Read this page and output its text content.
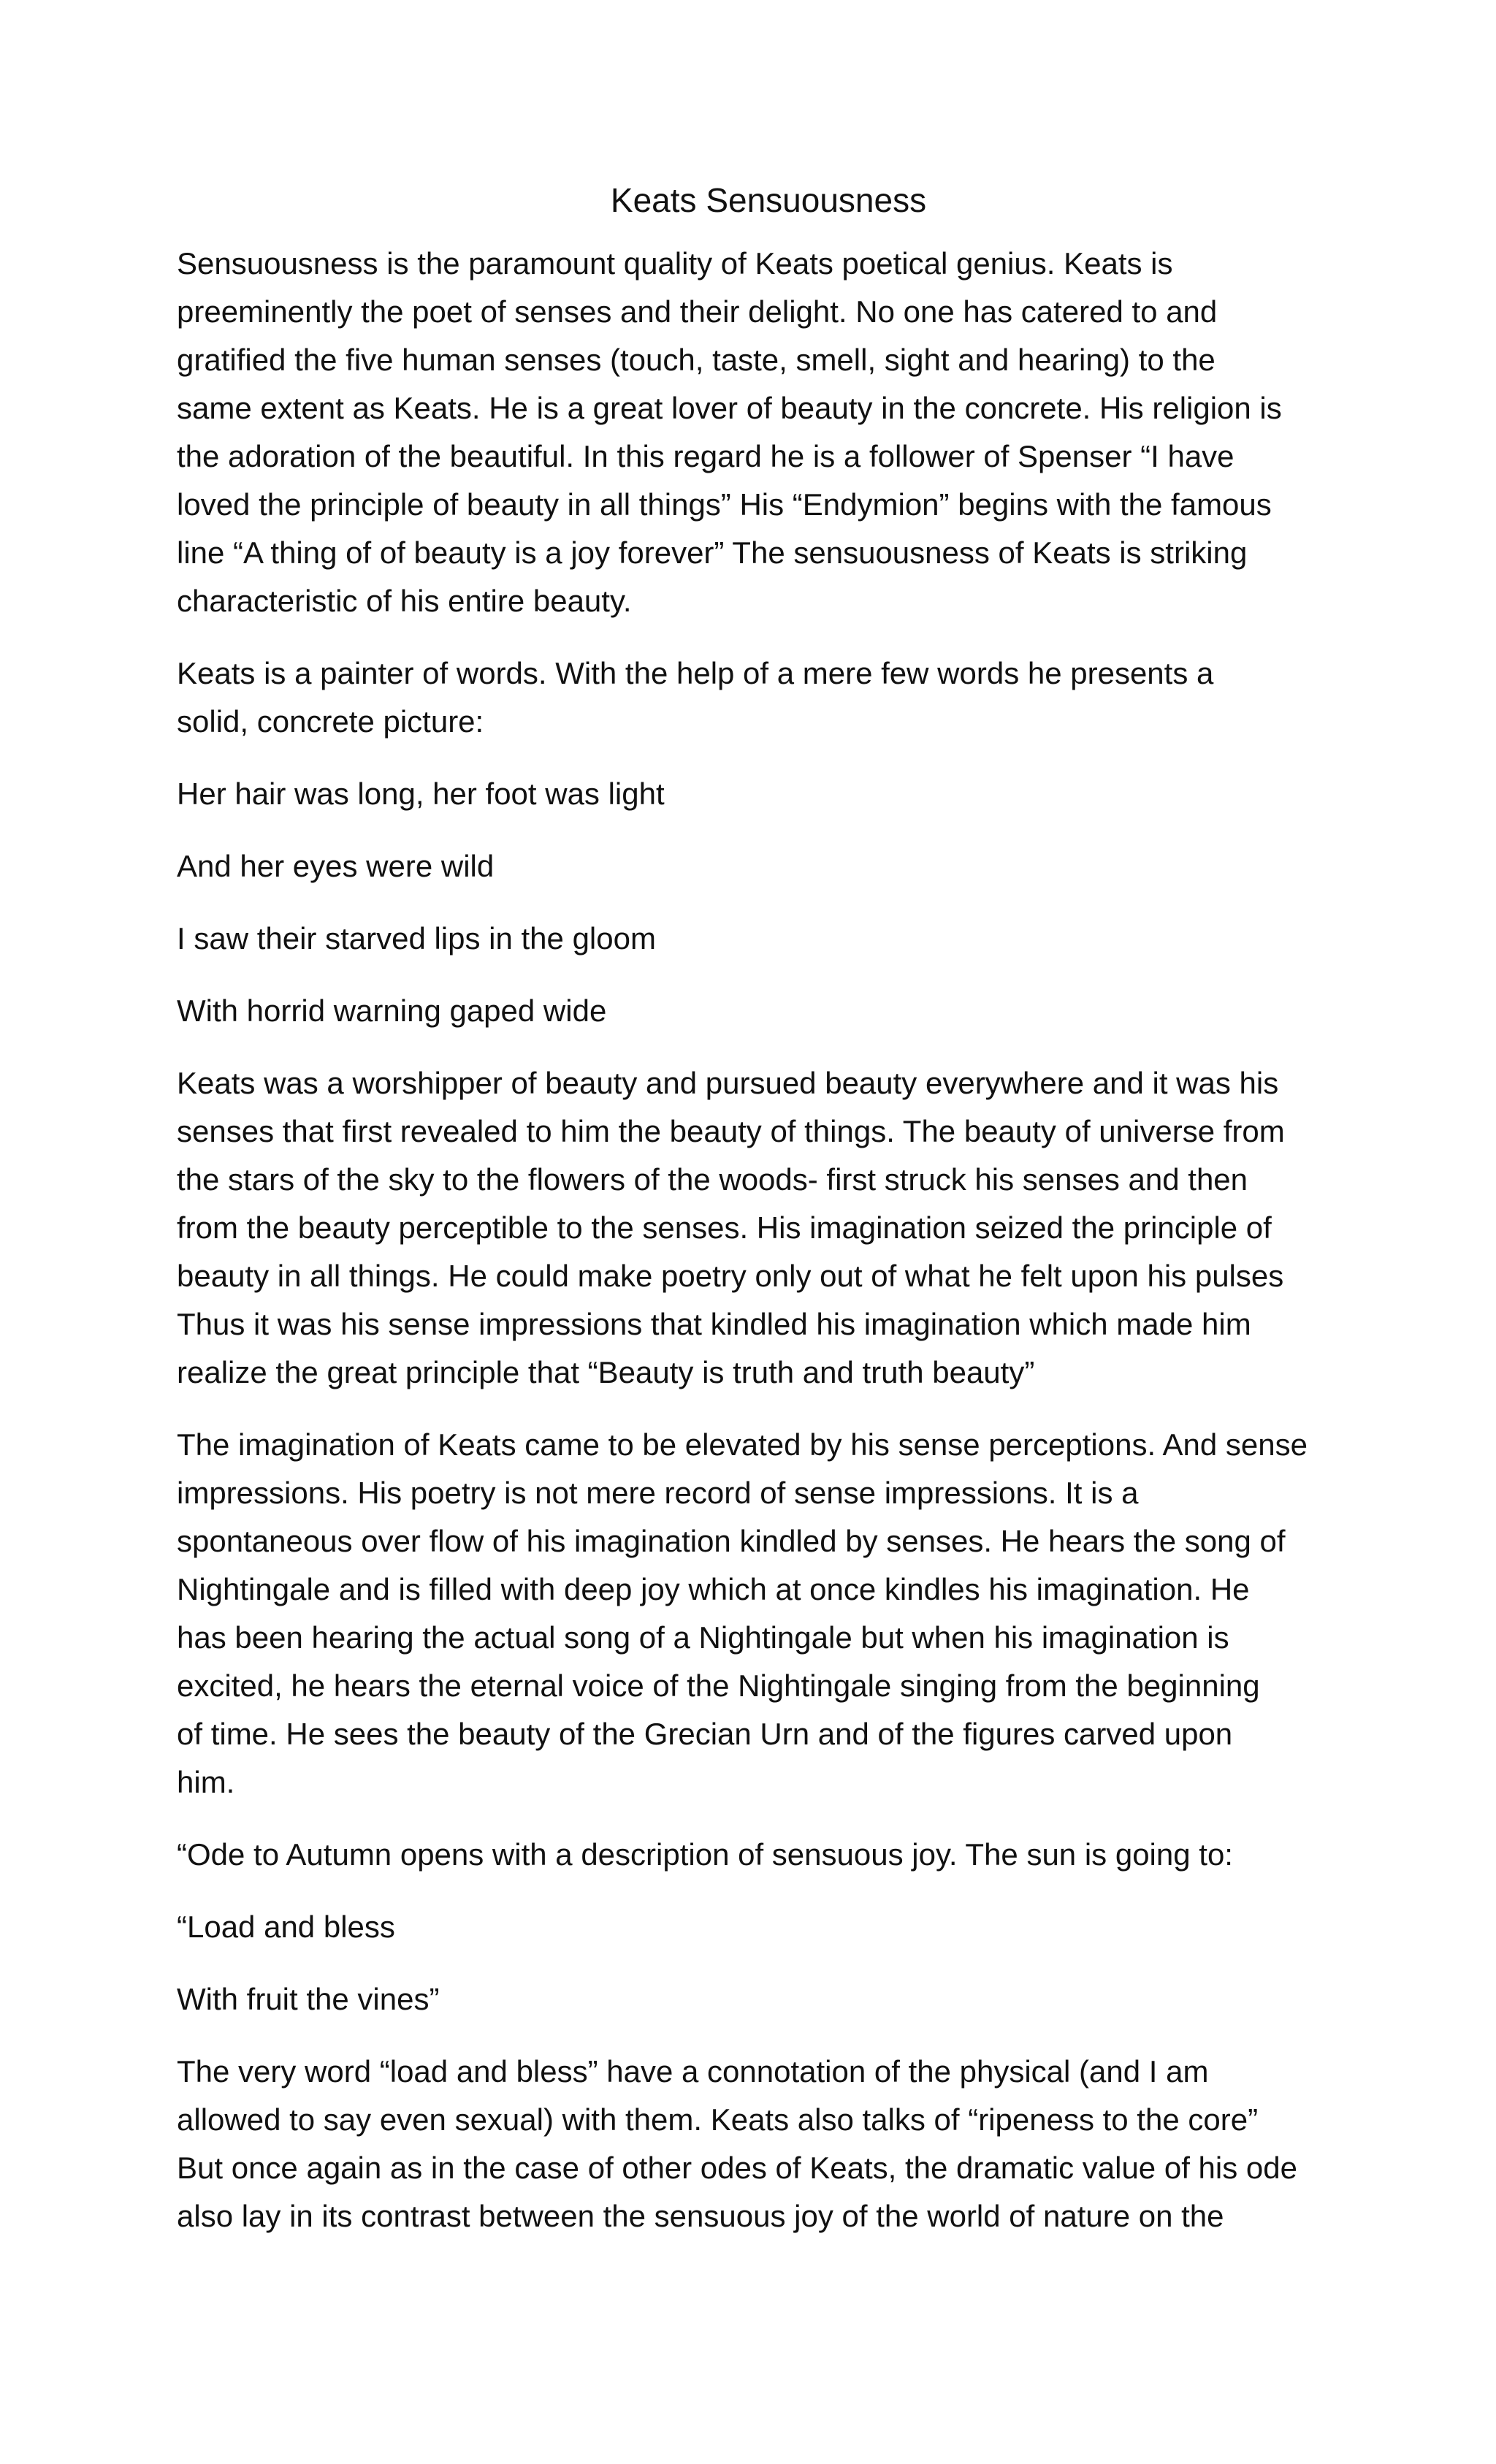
Keats Sensuousness
Sensuousness is the paramount quality of Keats poetical genius. Keats is
preeminently the poet of senses and their delight. No one has catered to and
gratified the five human senses (touch, taste, smell, sight and hearing) to the
same extent as Keats. He is a great lover of beauty in the concrete. His religion is
the adoration of the beautiful. In this regard he is a follower of Spenser “I have
loved the principle of beauty in all things” His “Endymion” begins with the famous
line “A thing of of beauty is a joy forever” The sensuousness of Keats is striking
characteristic of his entire beauty.
Keats is a painter of words. With the help of a mere few words he presents a
solid, concrete picture:
Her hair was long, her foot was light
And her eyes were wild
I saw their starved lips in the gloom
With horrid warning gaped wide
Keats was a worshipper of beauty and pursued beauty everywhere and it was his
senses that first revealed to him the beauty of things. The beauty of universe from
the stars of the sky to the flowers of the woods- first struck his senses and then
from the beauty perceptible to the senses. His imagination seized the principle of
beauty in all things. He could make poetry only out of what he felt upon his pulses
Thus it was his sense impressions that kindled his imagination which made him
realize the great principle that “Beauty is truth and truth beauty”
The imagination of Keats came to be elevated by his sense perceptions. And sense
impressions. His poetry is not mere record of sense impressions. It is a
spontaneous over flow of his imagination kindled by senses. He hears the song of
Nightingale and is filled with deep joy which at once kindles his imagination. He
has been hearing the actual song of a Nightingale but when his imagination is
excited, he hears the eternal voice of the Nightingale singing from the beginning
of time. He sees the beauty of the Grecian Urn and of the figures carved upon
him.
“Ode to Autumn opens with a description of sensuous joy. The sun is going to:
“Load and bless
With fruit the vines”
The very word “load and bless” have a connotation of the physical (and I am
allowed to say even sexual) with them. Keats also talks of “ripeness to the core”
But once again as in the case of other odes of Keats, the dramatic value of his ode
also lay in its contrast between the sensuous joy of the world of nature on the
